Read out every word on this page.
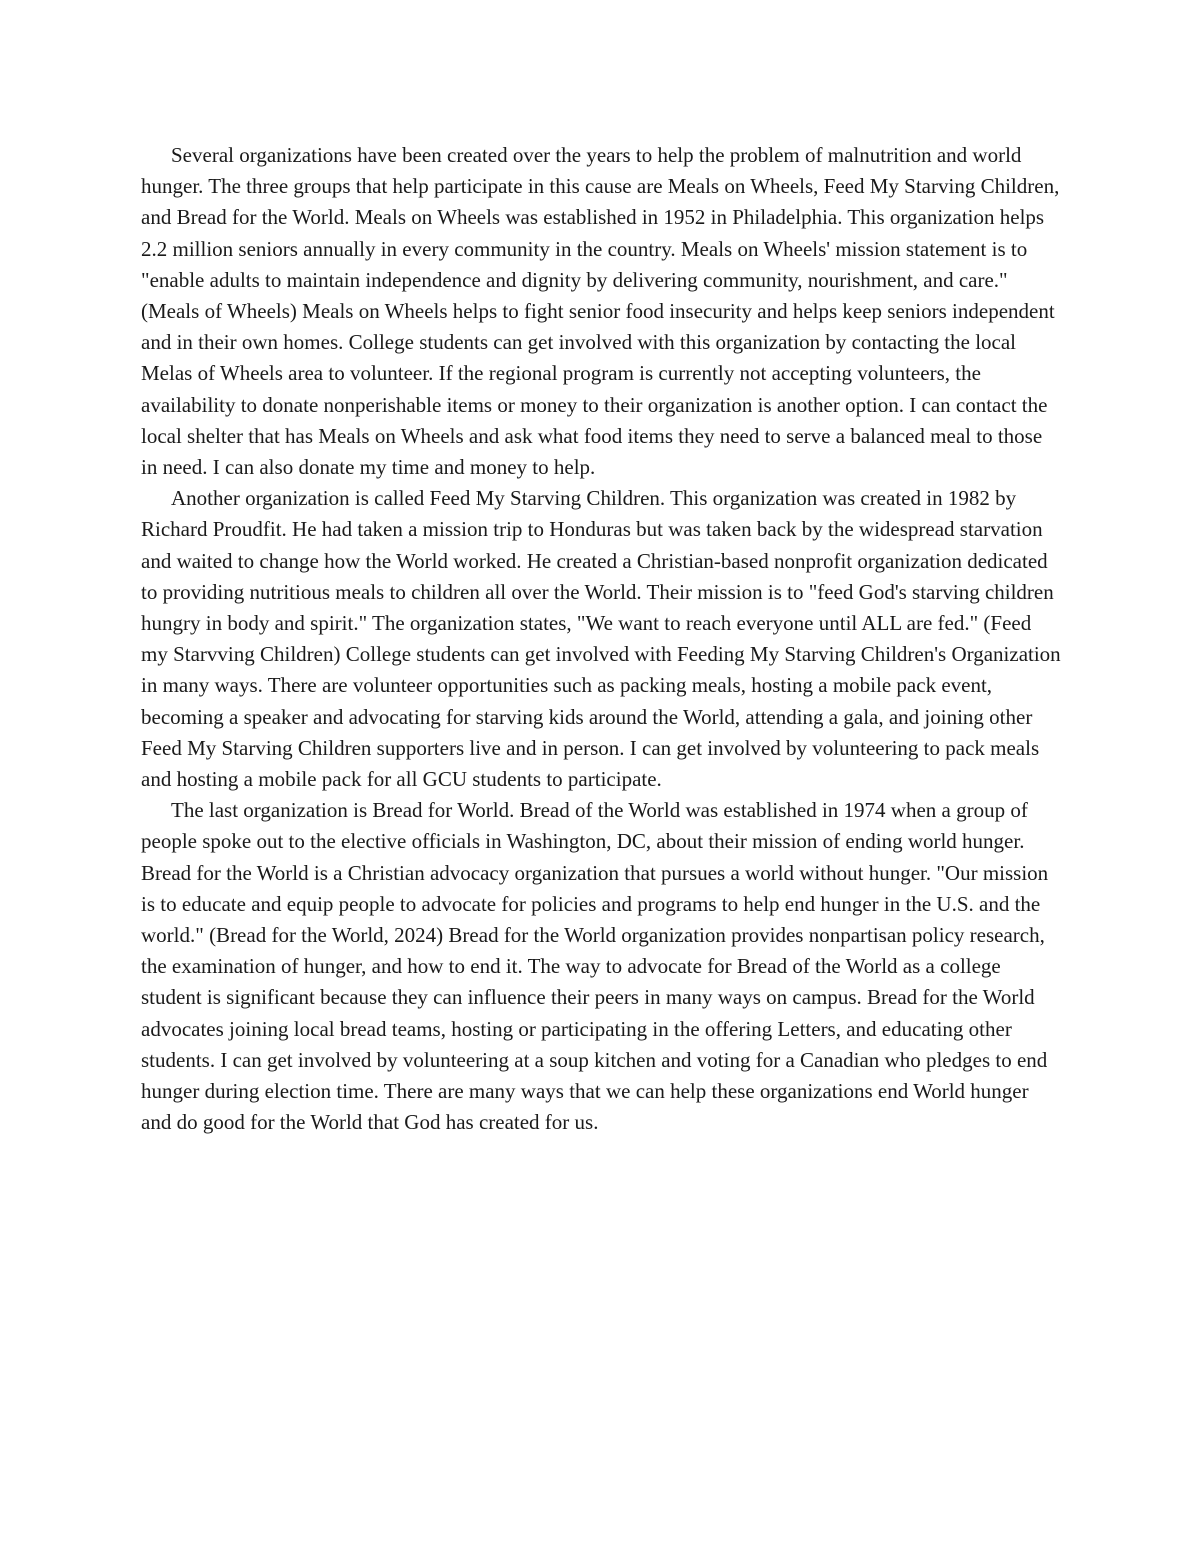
Several organizations have been created over the years to help the problem of malnutrition and world hunger. The three groups that help participate in this cause are Meals on Wheels, Feed My Starving Children, and Bread for the World. Meals on Wheels was established in 1952 in Philadelphia. This organization helps 2.2 million seniors annually in every community in the country. Meals on Wheels' mission statement is to "enable adults to maintain independence and dignity by delivering community, nourishment, and care." (Meals of Wheels) Meals on Wheels helps to fight senior food insecurity and helps keep seniors independent and in their own homes. College students can get involved with this organization by contacting the local Melas of Wheels area to volunteer. If the regional program is currently not accepting volunteers, the availability to donate nonperishable items or money to their organization is another option. I can contact the local shelter that has Meals on Wheels and ask what food items they need to serve a balanced meal to those in need. I can also donate my time and money to help.

Another organization is called Feed My Starving Children. This organization was created in 1982 by Richard Proudfit. He had taken a mission trip to Honduras but was taken back by the widespread starvation and waited to change how the World worked. He created a Christian-based nonprofit organization dedicated to providing nutritious meals to children all over the World. Their mission is to "feed God's starving children hungry in body and spirit." The organization states, "We want to reach everyone until ALL are fed." (Feed my Starvving Children) College students can get involved with Feeding My Starving Children's Organization in many ways. There are volunteer opportunities such as packing meals, hosting a mobile pack event, becoming a speaker and advocating for starving kids around the World, attending a gala, and joining other Feed My Starving Children supporters live and in person. I can get involved by volunteering to pack meals and hosting a mobile pack for all GCU students to participate.

The last organization is Bread for World. Bread of the World was established in 1974 when a group of people spoke out to the elective officials in Washington, DC, about their mission of ending world hunger. Bread for the World is a Christian advocacy organization that pursues a world without hunger. "Our mission is to educate and equip people to advocate for policies and programs to help end hunger in the U.S. and the world." (Bread for the World, 2024) Bread for the World organization provides nonpartisan policy research, the examination of hunger, and how to end it. The way to advocate for Bread of the World as a college student is significant because they can influence their peers in many ways on campus. Bread for the World advocates joining local bread teams, hosting or participating in the offering Letters, and educating other students. I can get involved by volunteering at a soup kitchen and voting for a Canadian who pledges to end hunger during election time. There are many ways that we can help these organizations end World hunger and do good for the World that God has created for us.
